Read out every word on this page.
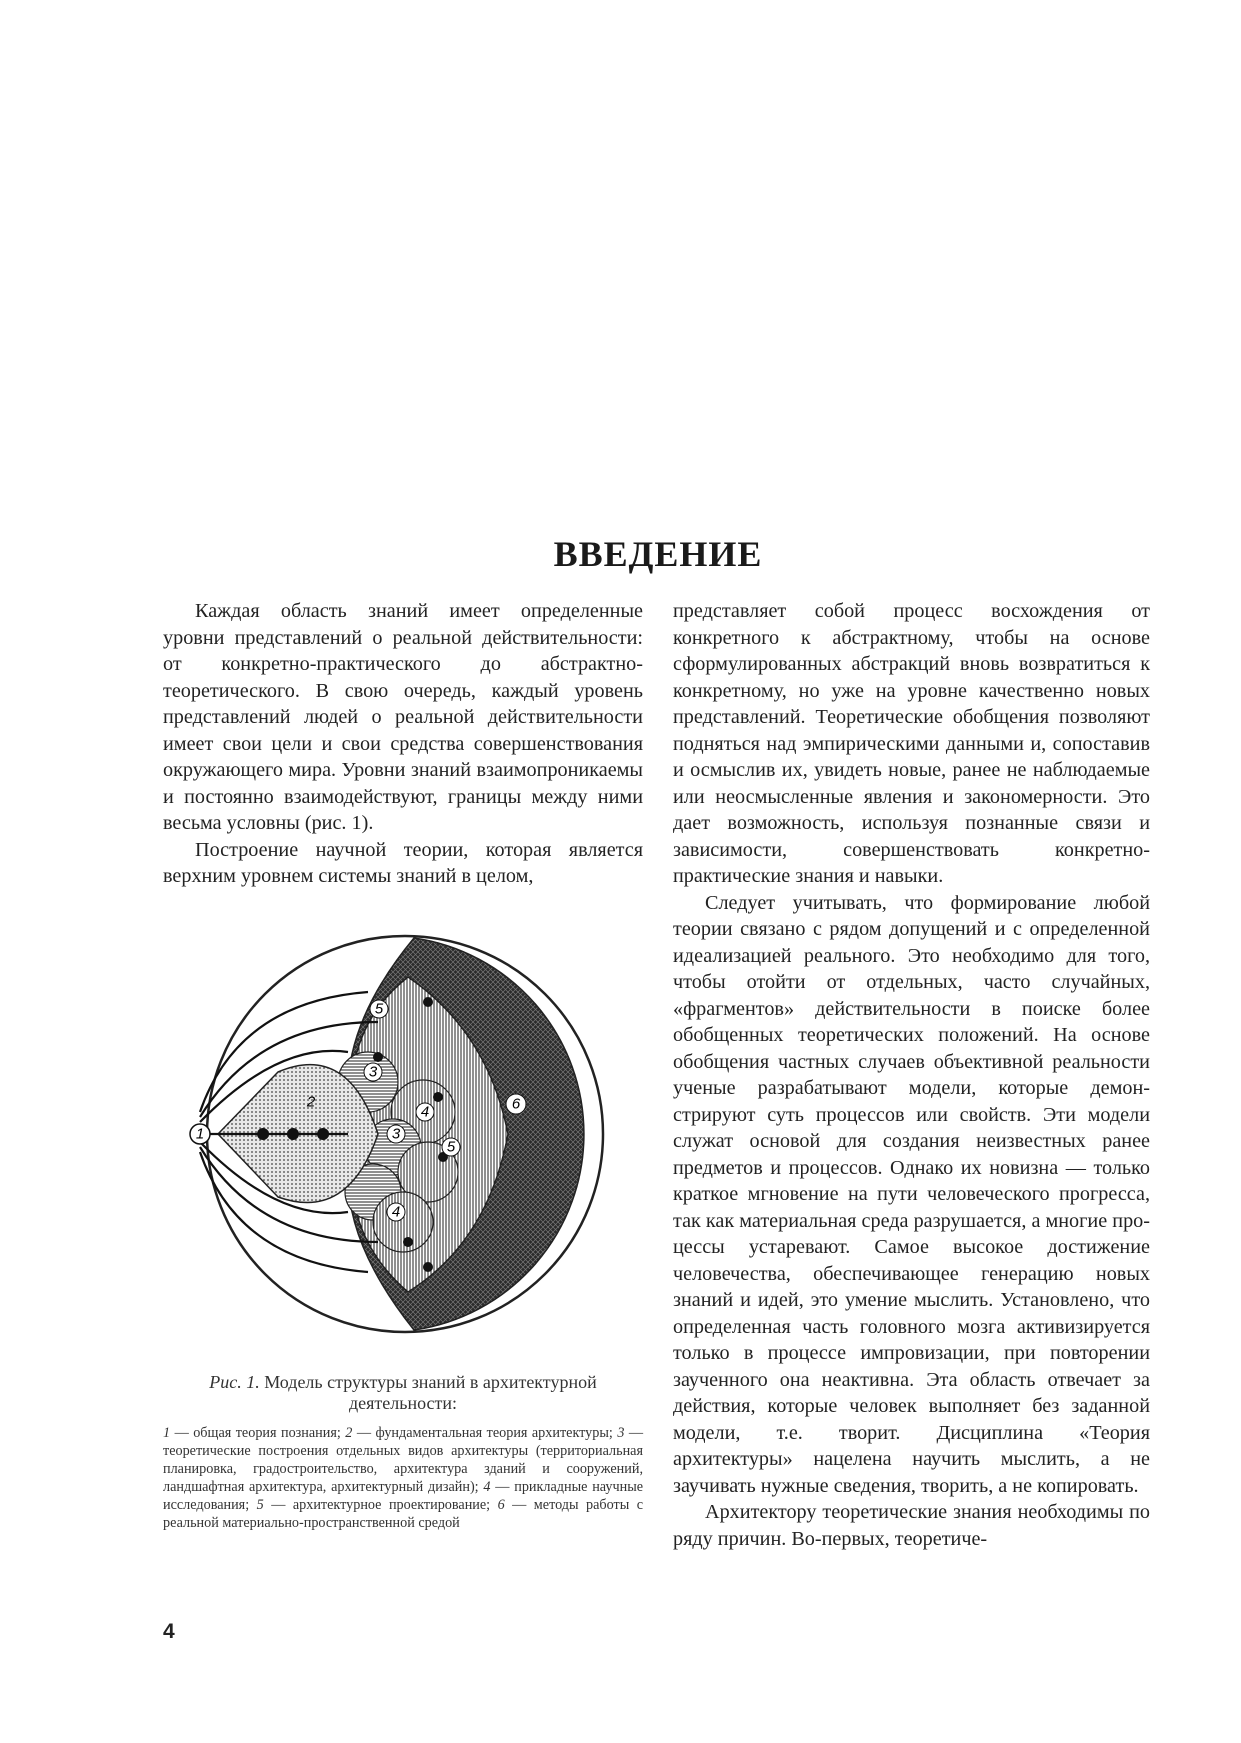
ВВЕДЕНИЕ

Каждая область знаний имеет определенные уровни представлений о реальной действительности: от конкретно-практического до абстрактно-теоретического. В свою очередь, каждый уровень представлений людей о реальной действительности имеет свои цели и свои средства совершенствования окружающего мира. Уровни знаний взаимопроникаемы и постоянно взаимодействуют, границы между ними весьма условны (рис. 1).

Построение научной теории, которая является верхним уровнем системы знаний в целом,

1
2
3
3
4
4
5
5
6
Рис. 1. Модель структуры знаний в архитектурной деятельности:
1 — общая теория познания; 2 — фундаментальная теория архитектуры; 3 — теоретические построения отдельных видов архитектуры (территориальная планировка, градостроительство, архитектура зданий и сооружений, ландшафтная архитектура, архитектурный дизайн); 4 — прикладные научные исследования; 5 — архитектурное проектирование; 6 — методы работы с реальной материально-пространственной средой

представляет собой процесс восхождения от конкретного к абстрактному, чтобы на основе сформулированных абстракций вновь возвратиться к конкретному, но уже на уровне качественно новых представлений. Теоретические обобщения позволяют подняться над эмпирическими данными и, сопоставив и осмыслив их, увидеть новые, ранее не наблюдаемые или неосмысленные явления и закономерности. Это дает возможность, используя познанные связи и зависимости, совершенствовать конкретно-практические знания и навыки.

Следует учитывать, что формирование любой теории связано с рядом допущений и с определенной идеализацией реального. Это необходимо для того, чтобы отойти от отдельных, часто случайных, «фрагментов» действительности в поиске более обобщенных теоретических положений. На основе обобщения частных случаев объективной реальности ученые разрабатывают модели, которые демонстрируют суть процессов или свойств. Эти модели служат основой для создания неизвестных ранее предметов и процессов. Однако их новизна — только краткое мгновение на пути человеческого прогресса, так как материальная среда разрушается, а многие процессы устаревают. Самое высокое достижение человечества, обеспечивающее генерацию новых знаний и идей, это умение мыслить. Установлено, что определенная часть головного мозга активизируется только в процессе импровизации, при повторении заученного она неактивна. Эта область отвечает за действия, которые человек выполняет без заданной модели, т.е. творит. Дисциплина «Теория архитектуры» нацелена научить мыслить, а не заучивать нужные сведения, творить, а не копировать.

Архитектору теоретические знания необходимы по ряду причин. Во-первых, теоретиче-

4
